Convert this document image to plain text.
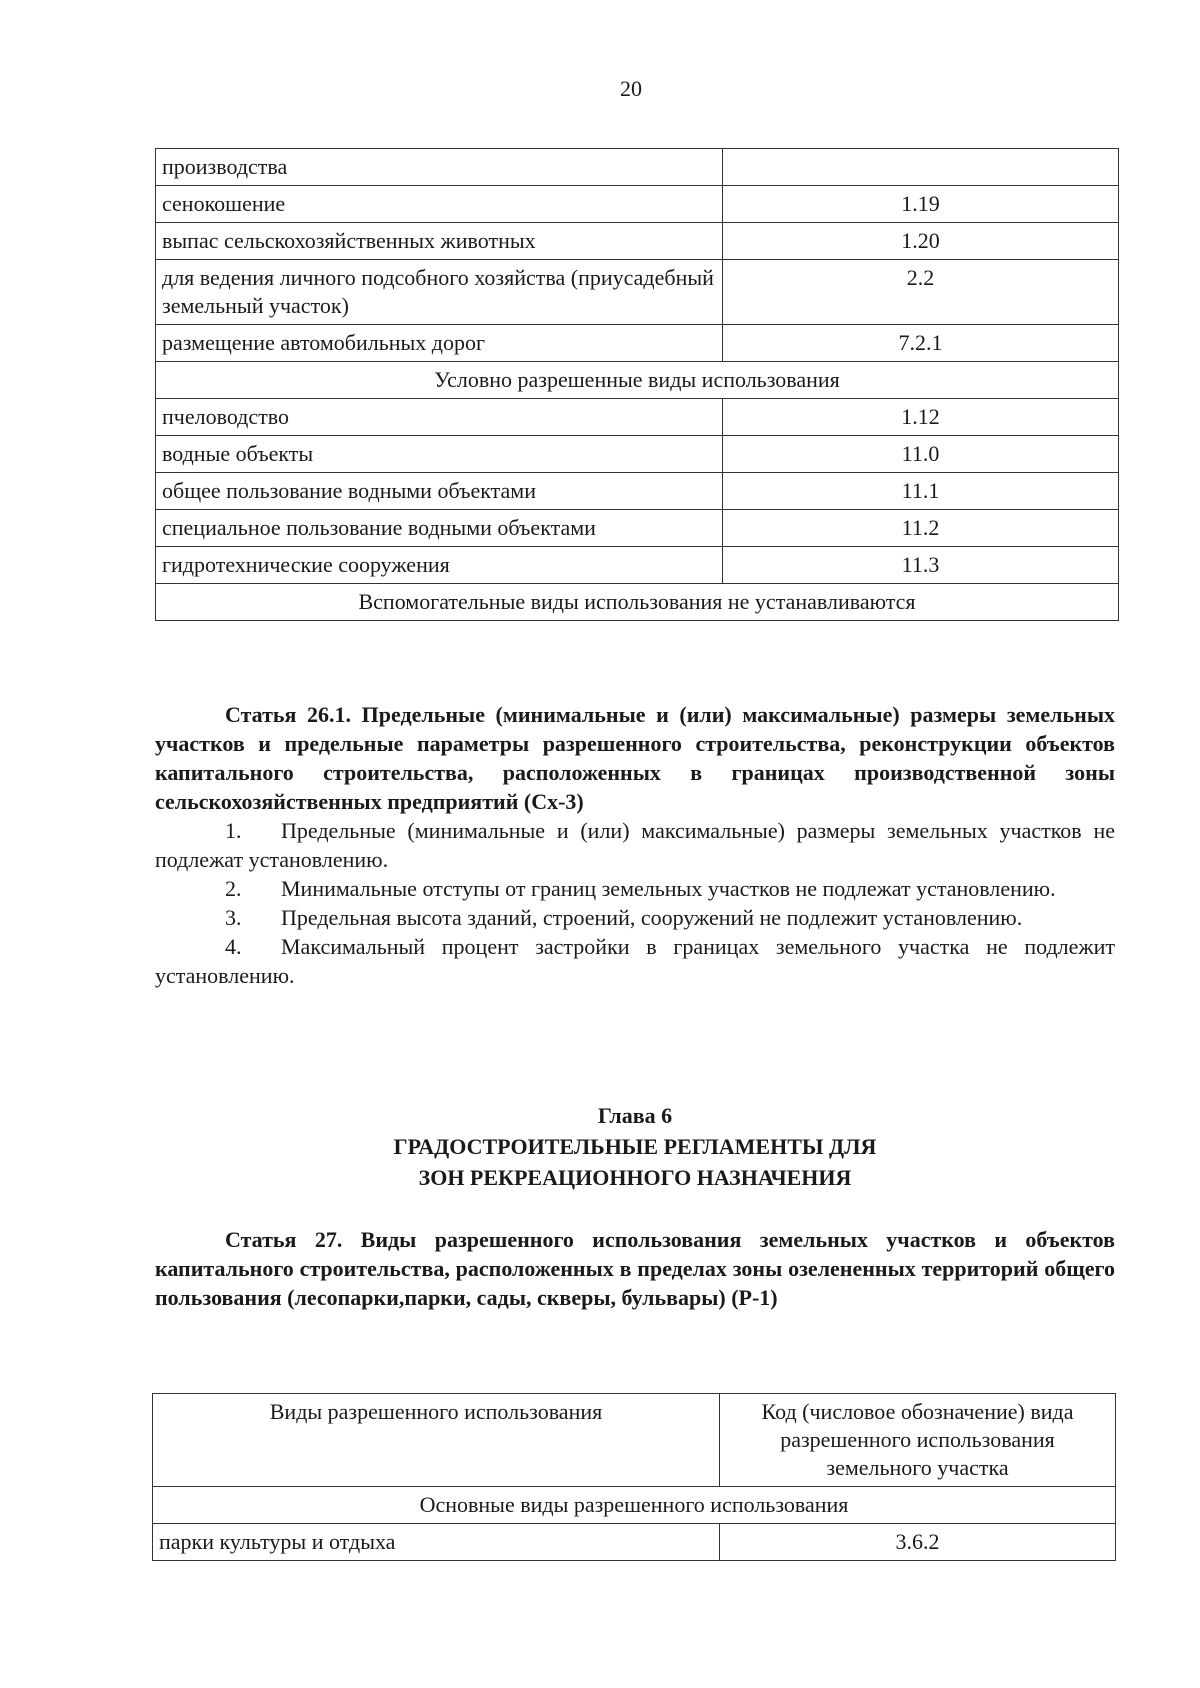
20
производства	
сенокошение	1.19
выпас сельскохозяйственных животных	1.20
для ведения личного подсобного хозяйства (приусадебный земельный участок)	2.2
размещение автомобильных дорог	7.2.1
Условно разрешенные виды использования	
пчеловодство	1.12
водные объекты	11.0
общее пользование водными объектами	11.1
специальное пользование водными объектами	11.2
гидротехнические сооружения	11.3
Вспомогательные виды использования не устанавливаются	
Статья 26.1. Предельные (минимальные и (или) максимальные) размеры земельных участков и предельные параметры разрешенного строительства, реконструкции объектов капитального строительства, расположенных в границах производственной зоны сельскохозяйственных предприятий (Сх-3)

1. Предельные (минимальные и (или) максимальные) размеры земельных участков не подлежат установлению.

2. Минимальные отступы от границ земельных участков не подлежат установлению.

3. Предельная высота зданий, строений, сооружений не подлежит установлению.

4. Максимальный процент застройки в границах земельного участка не подлежит установлению.

Глава 6
ГРАДОСТРОИТЕЛЬНЫЕ РЕГЛАМЕНТЫ ДЛЯ
ЗОН РЕКРЕАЦИОННОГО НАЗНАЧЕНИЯ
Статья 27. Виды разрешенного использования земельных участков и объектов капитального строительства, расположенных в пределах зоны озелененных территорий общего пользования (лесопарки,парки, сады, скверы, бульвары) (Р-1)
Виды разрешенного использования	Код (числовое обозначение) вида разрешенного использования земельного участка
Основные виды разрешенного использования	
парки культуры и отдыха	3.6.2
